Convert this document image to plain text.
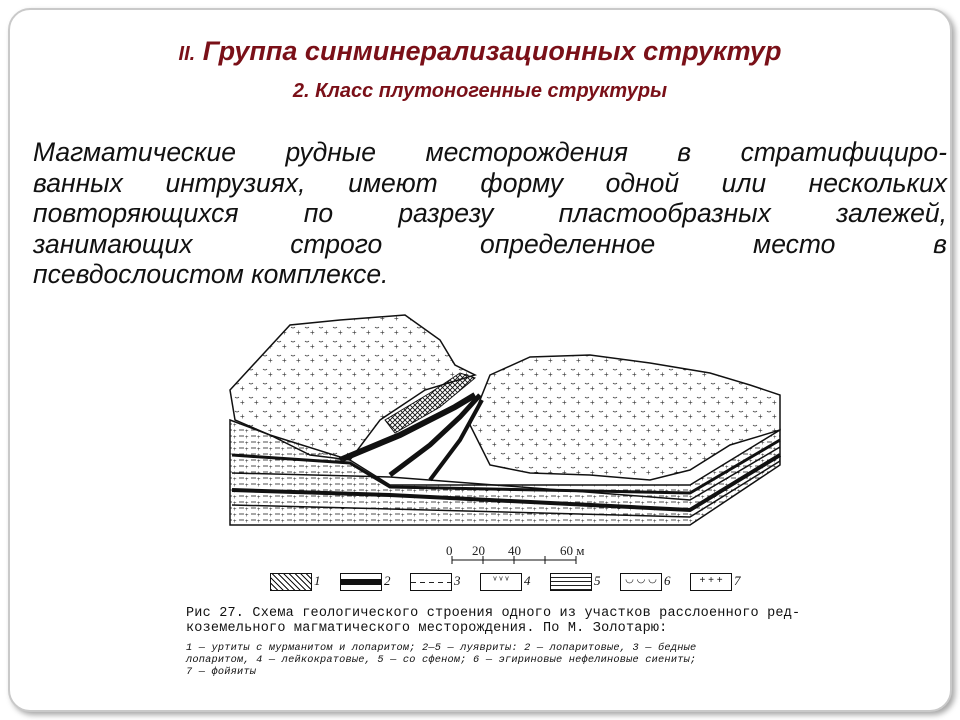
II. Группа синминерализационных структур
2. Класс плутоногенные структуры
Магматические рудные месторождения в стратифициро-
ванных интрузиях, имеют форму одной или нескольких
повторяющихся по разрезу пластообразных залежей,
занимающих строго определенное место в
псевдослоистом комплексе.
0 20 40	60 м
1	2	3	ᵛ ᵛ ᵛ	4	5	◡ ◡ ◡ 6	+ + + 7
Рис 27. Схема геологического строения одного из участков расслоенного ред-
коземельного магматического месторождения. По М. Золотарю:
1 — уртиты с мурманитом и лопаритом; 2—5 — луявриты: 2 — лопаритовые, 3 — бедные
лопаритом, 4 — лейкократовые, 5 — со сфеном; 6 — эгириновые нефелиновые сиениты;
7 — фойяиты
